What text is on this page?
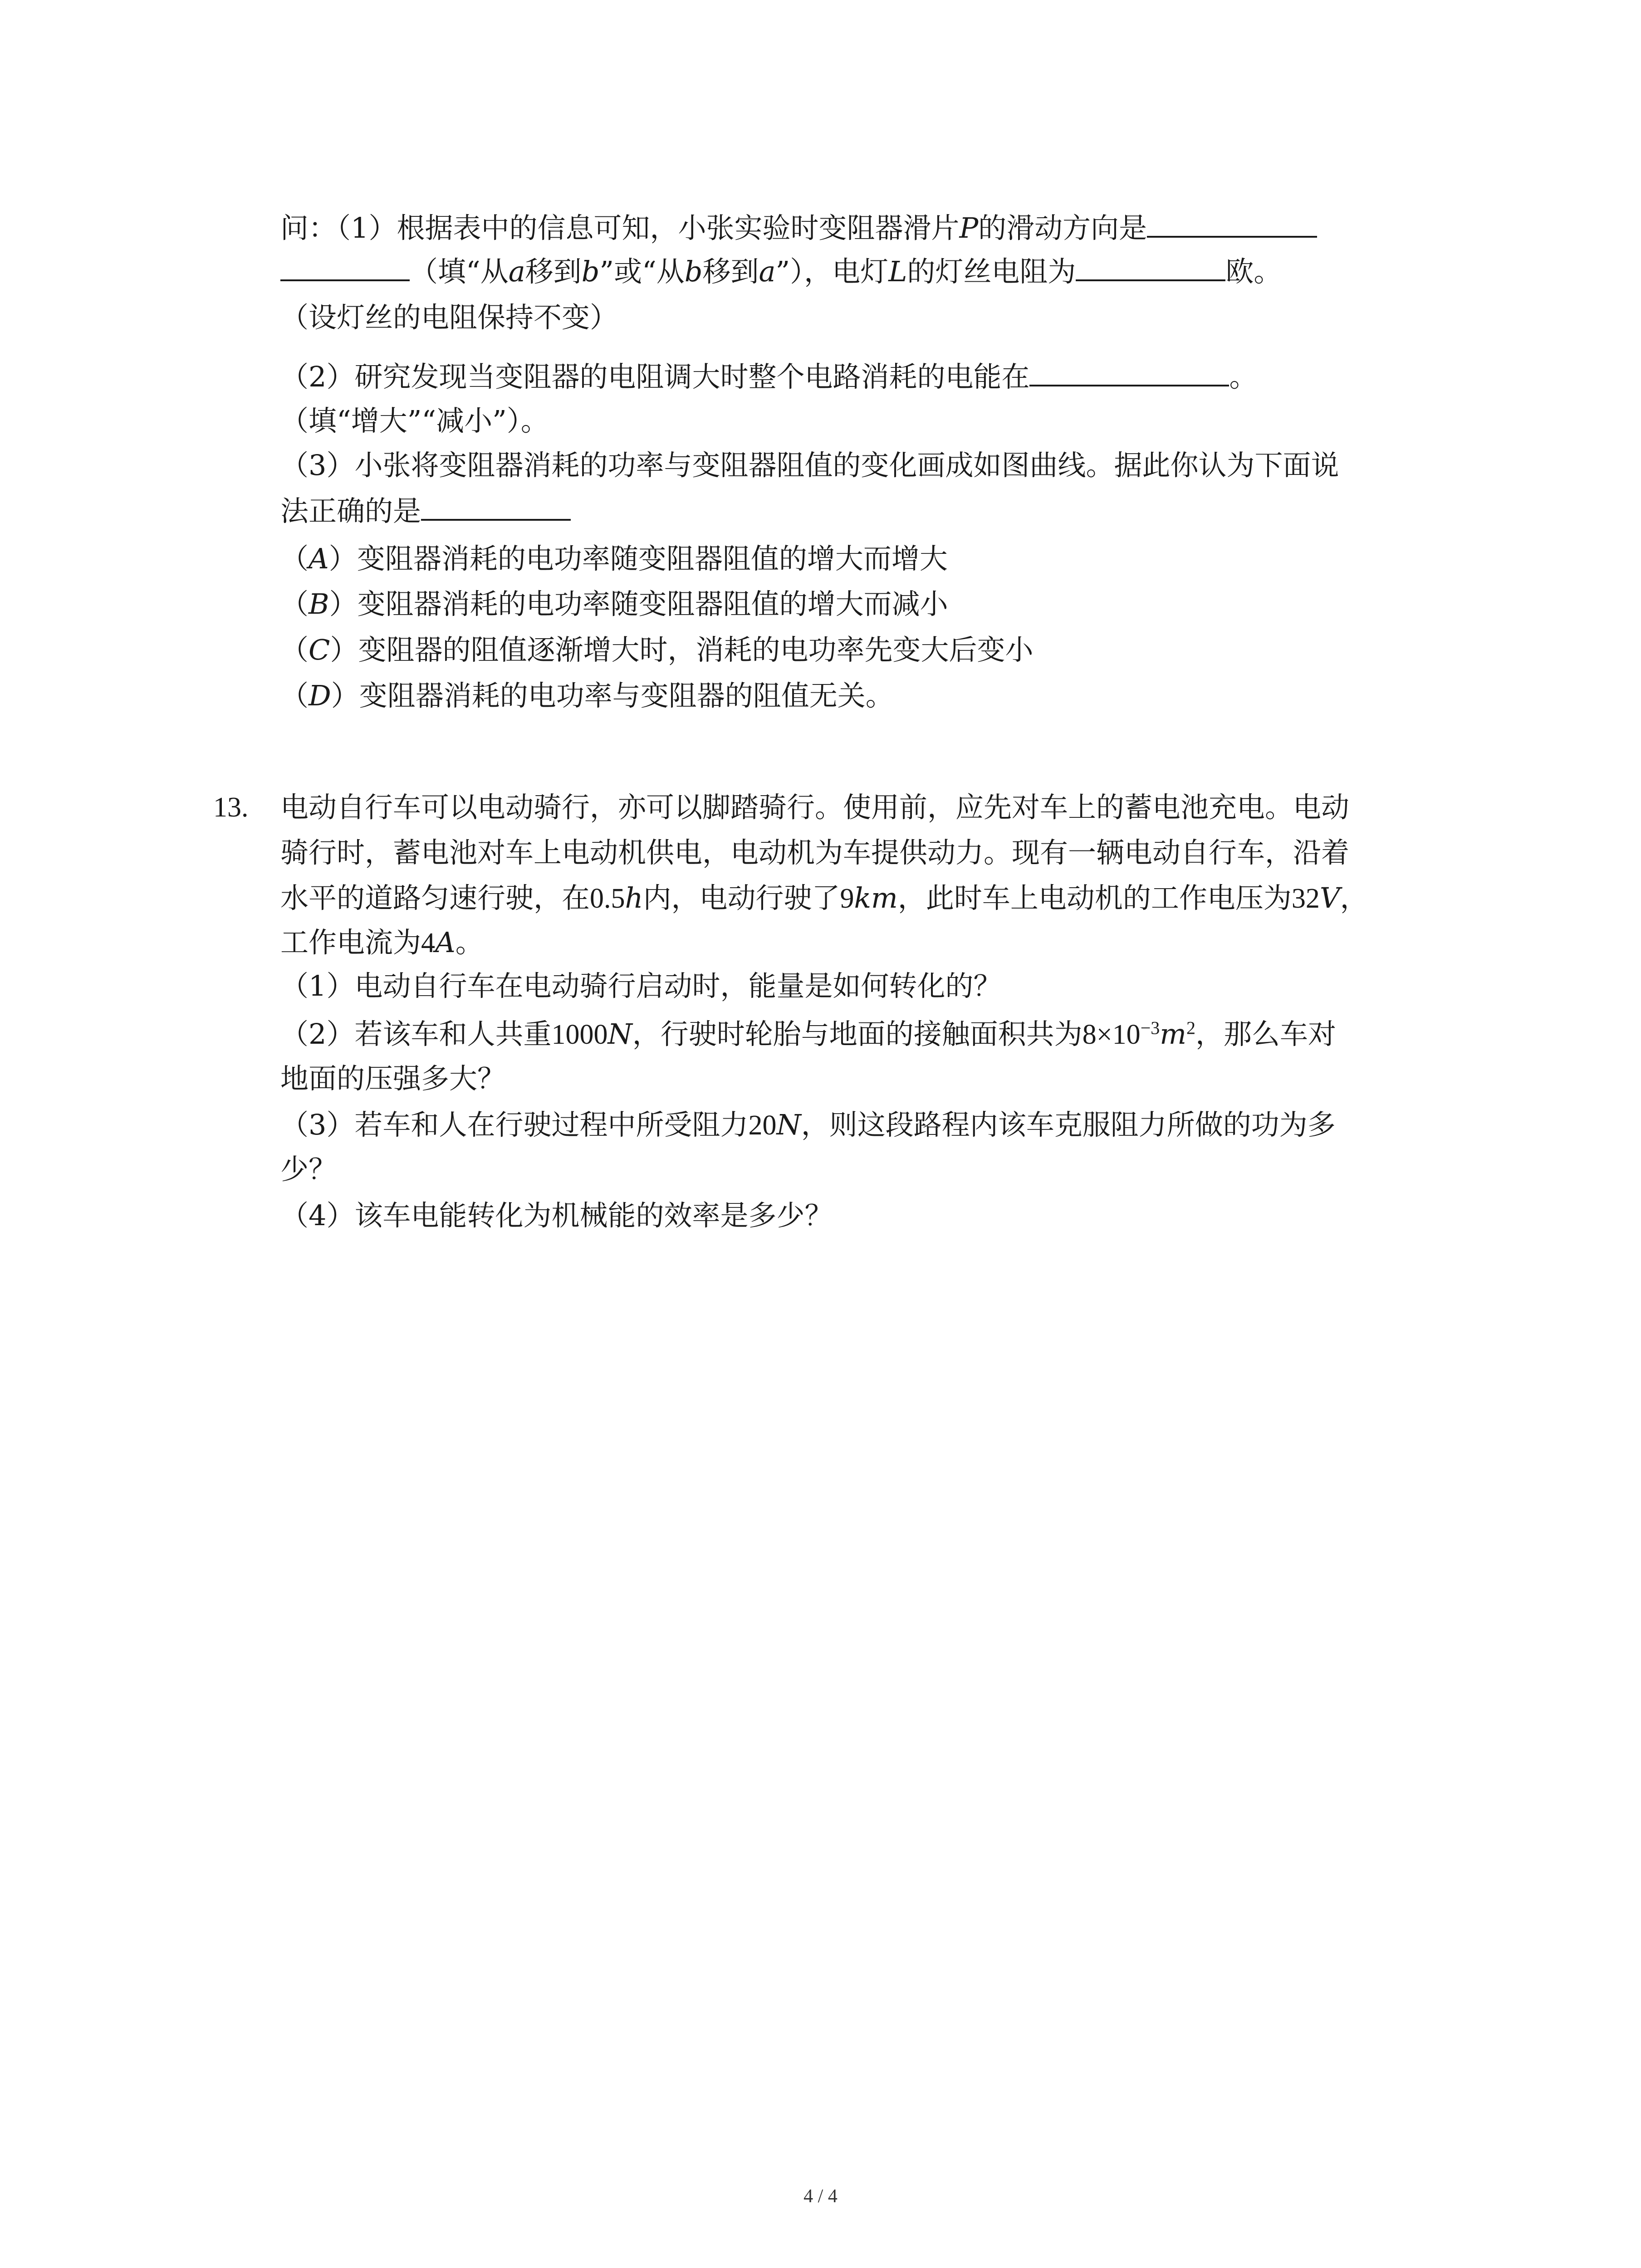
问：（1）根据表中的信息可知，小张实验时变阻器滑片P的滑动方向是
（填“从a移到b”或“从b移到a”），电灯L的灯丝电阻为	欧。
（设灯丝的电阻保持不变）
（2）研究发现当变阻器的电阻调大时整个电路消耗的电能在	。
（填“增大”“减小”）。
（3）小张将变阻器消耗的功率与变阻器阻值的变化画成如图曲线。据此你认为下面说
法正确的是
（A）变阻器消耗的电功率随变阻器阻值的增大而增大
（B）变阻器消耗的电功率随变阻器阻值的增大而减小
（C）变阻器的阻值逐渐增大时，消耗的电功率先变大后变小
（D）变阻器消耗的电功率与变阻器的阻值无关。
13. 电动自行车可以电动骑行，亦可以脚踏骑行。使用前，应先对车上的蓄电池充电。电动
骑行时，蓄电池对车上电动机供电，电动机为车提供动力。现有一辆电动自行车，沿着
水平的道路匀速行驶，在0.5h内，电动行驶了9km，此时车上电动机的工作电压为32V，
工作电流为4A。
（1）电动自行车在电动骑行启动时，能量是如何转化的？
（2）若该车和人共重1000N，行驶时轮胎与地面的接触面积共为$8\times 10^{-3}m^2$，那么车对
地面的压强多大？
（3）若车和人在行驶过程中所受阻力20N，则这段路程内该车克服阻力所做的功为多
少？
（4）该车电能转化为机械能的效率是多少？
4 / 4
